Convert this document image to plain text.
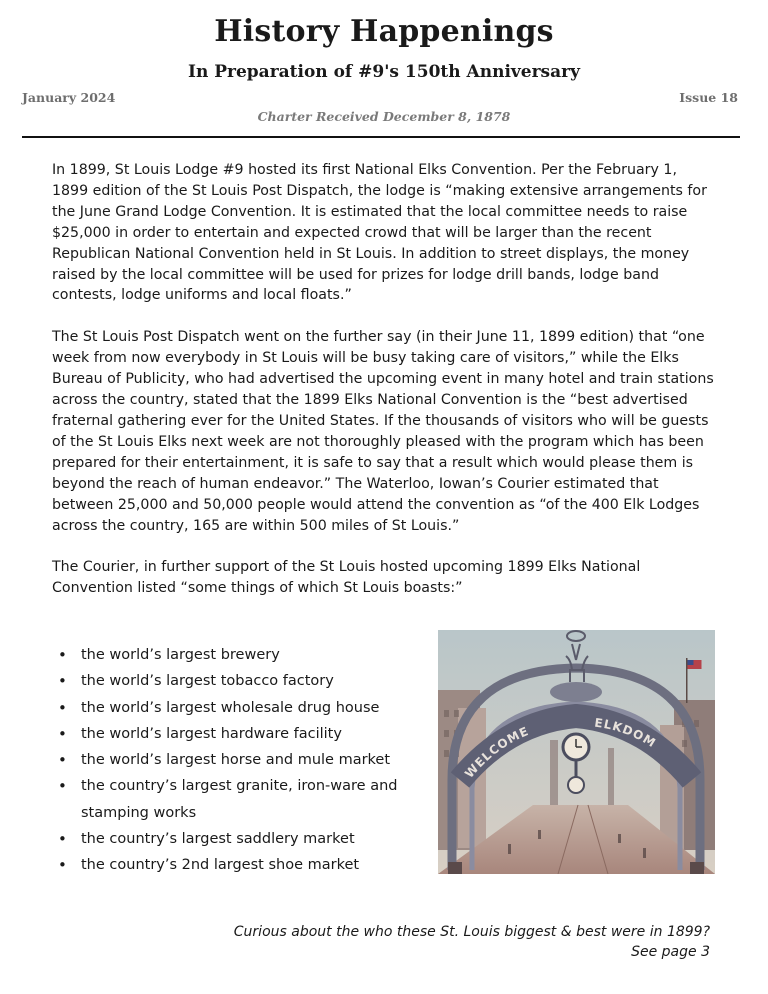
History Happenings
In Preparation of #9's 150th Anniversary
January 2024	Issue 18
Charter Received December 8, 1878

In 1899, St Louis Lodge #9 hosted its first National Elks Convention. Per the February 1, 1899 edition of the St Louis Post Dispatch, the lodge is “making extensive arrangements for the June Grand Lodge Convention. It is estimated that the local committee needs to raise $25,000 in order to entertain and expected crowd that will be larger than the recent Republican National Convention held in St Louis. In addition to street displays, the money raised by the local committee will be used for prizes for lodge drill bands, lodge band contests, lodge uniforms and local floats.”

The St Louis Post Dispatch went on the further say (in their June 11, 1899 edition) that “one week from now everybody in St Louis will be busy taking care of visitors,” while the Elks Bureau of Publicity, who had advertised the upcoming event in many hotel and train stations across the country, stated that the 1899 Elks National Convention is the “best advertised fraternal gathering ever for the United States. If the thousands of visitors who will be guests of the St Louis Elks next week are not thoroughly pleased with the program which has been prepared for their entertainment, it is safe to say that a result which would please them is beyond the reach of human endeavor.” The Waterloo, Iowan’s Courier estimated that between 25,000 and 50,000 people would attend the convention as “of the 400 Elk Lodges across the country, 165 are within 500 miles of St Louis.”

The Courier, in further support of the St Louis hosted upcoming 1899 Elks National Convention listed “some things of which St Louis boasts:”

• the world’s largest brewery
• the world’s largest tobacco factory
• the world’s largest wholesale drug house
• the world’s largest hardware facility
• the world’s largest horse and mule market
• the country’s largest granite, iron-ware and stamping works
• the country’s largest saddlery market
• the country’s 2nd largest shoe market
WELCOME
ELKDOM
Curious about the who these St. Louis biggest & best were in 1899?
See page 3
